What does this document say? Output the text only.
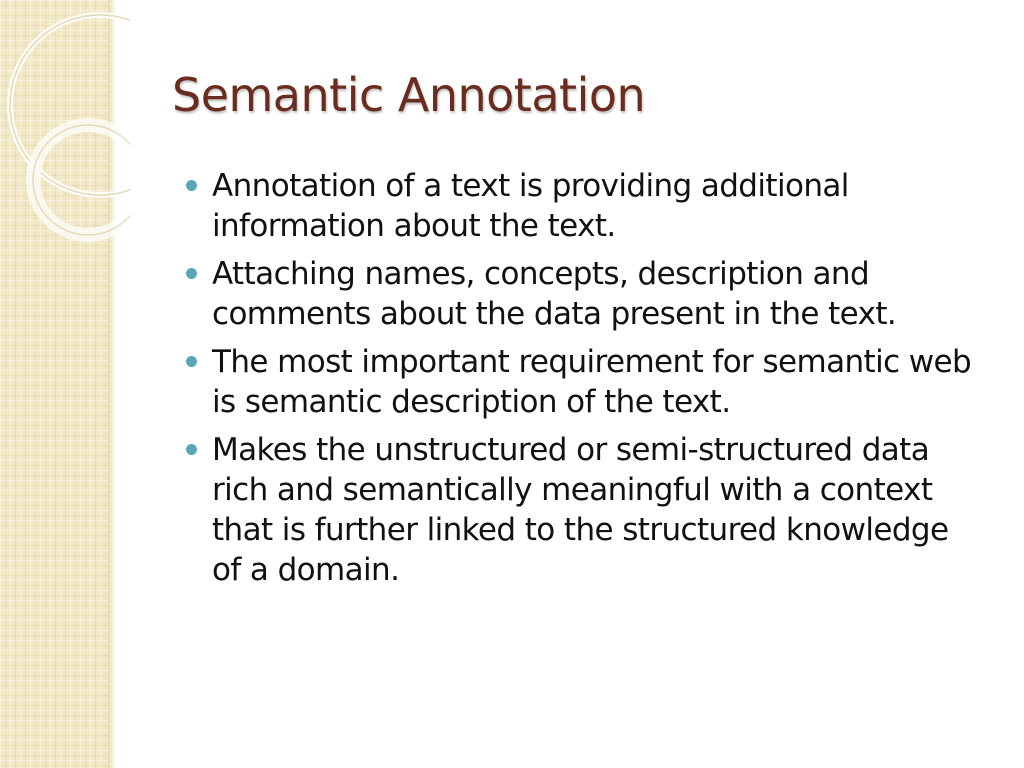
Semantic Annotation
Annotation of a text is providing additional information about the text.
Attaching names, concepts, description and comments about the data present in the text.
The most important requirement for semantic web is semantic description of the text.
Makes the unstructured or semi-structured data rich and semantically meaningful with a context that is further linked to the structured knowledge of a domain.
